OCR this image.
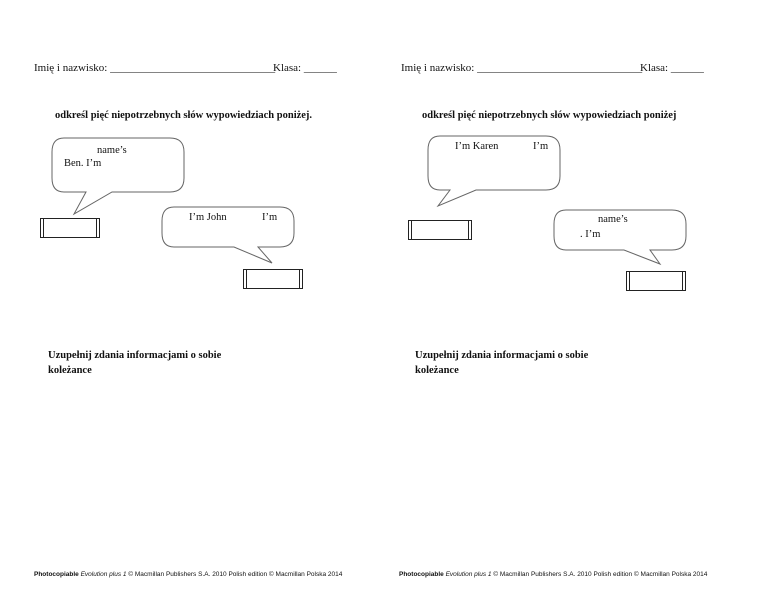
Imię i nazwisko: ______________________________
Klasa: ______
odkreśl pięć niepotrzebnych słów wypowiedziach poniżej.
name’s
Ben. I’m
I’m John	I’m
Uzupełnij zdania informacjami o sobie
koleżance
Photocopiable Evolution plus 1 © Macmillan Publishers S.A. 2010 Polish edition © Macmillan Polska 2014
Imię i nazwisko: ______________________________
Klasa: ______
odkreśl pięć niepotrzebnych słów wypowiedziach poniżej
I’m Karen	I’m
name’s
. I’m
Uzupełnij zdania informacjami o sobie
koleżance
Photocopiable Evolution plus 1 © Macmillan Publishers S.A. 2010 Polish edition © Macmillan Polska 2014
